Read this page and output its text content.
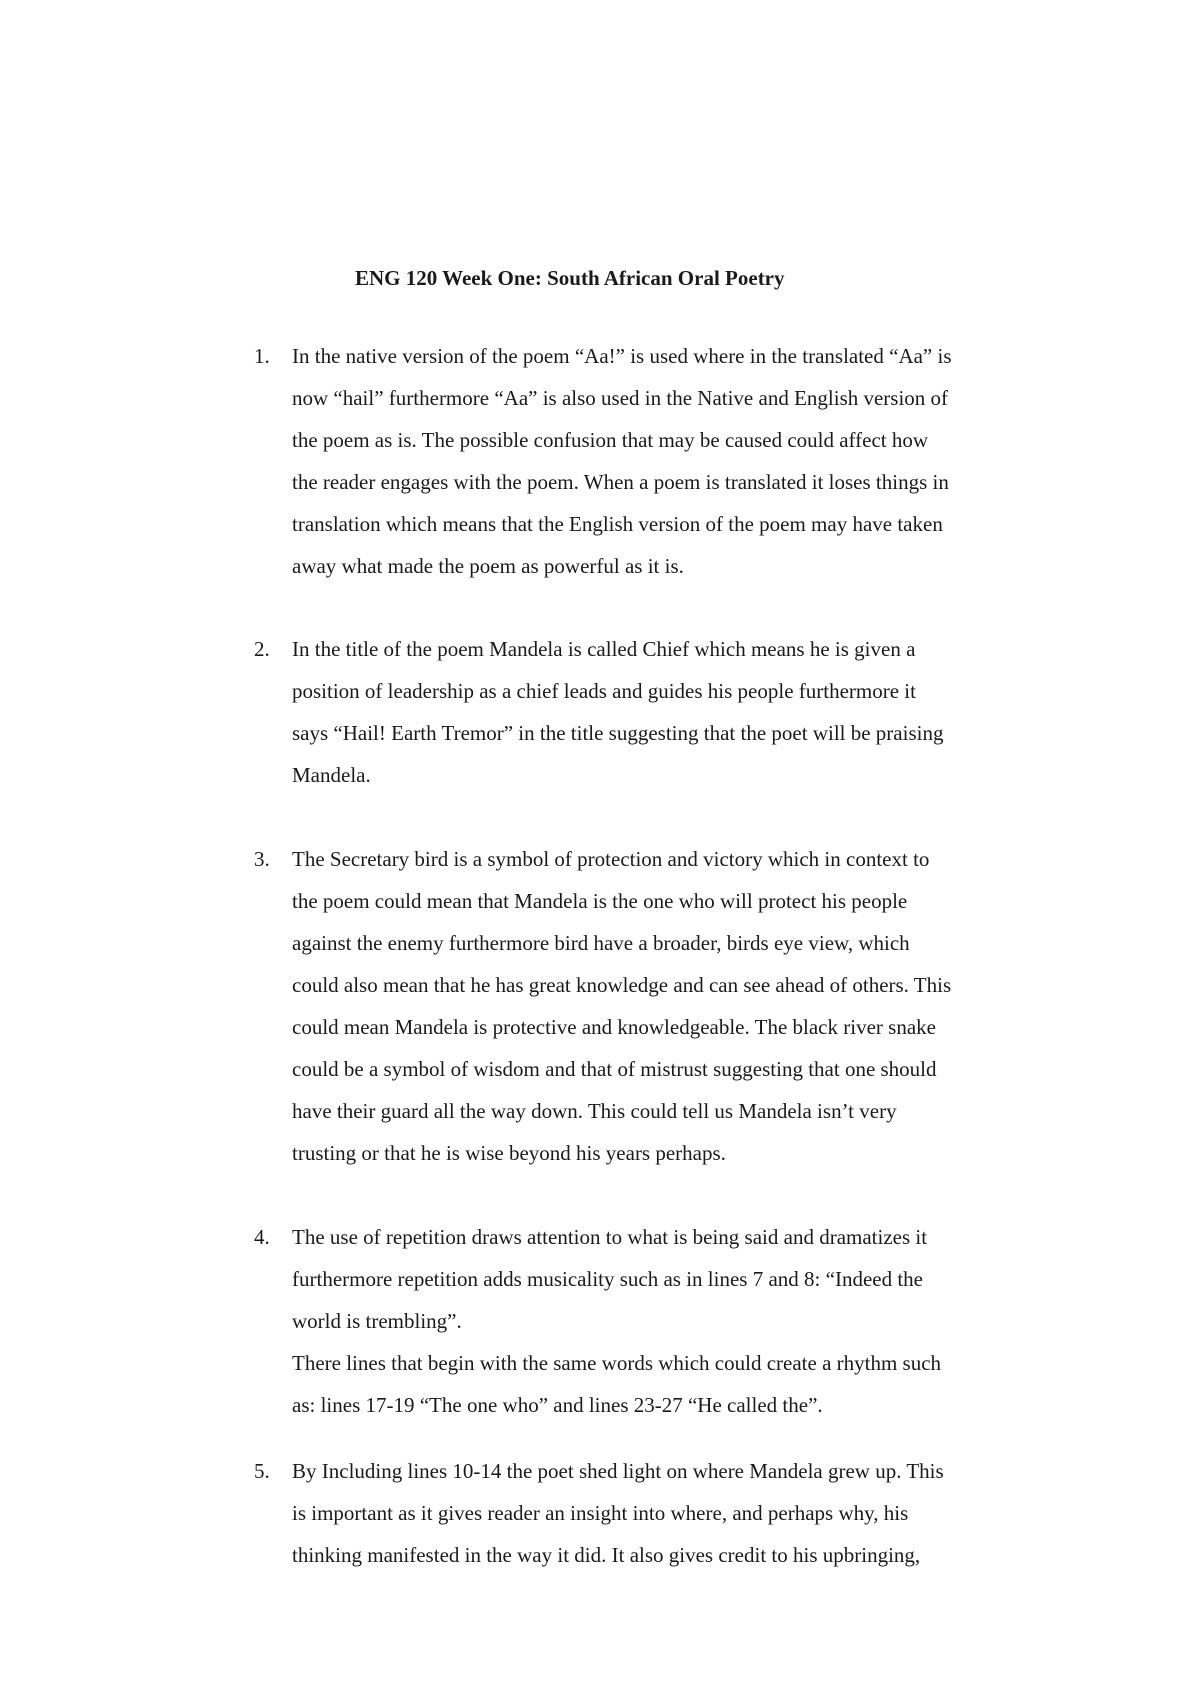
ENG 120 Week One: South African Oral Poetry
1. In the native version of the poem “Aa!” is used where in the translated “Aa” is
now “hail” furthermore “Aa” is also used in the Native and English version of
the poem as is. The possible confusion that may be caused could affect how
the reader engages with the poem. When a poem is translated it loses things in
translation which means that the English version of the poem may have taken
away what made the poem as powerful as it is.
2. In the title of the poem Mandela is called Chief which means he is given a
position of leadership as a chief leads and guides his people furthermore it
says “Hail! Earth Tremor” in the title suggesting that the poet will be praising
Mandela.
3. The Secretary bird is a symbol of protection and victory which in context to
the poem could mean that Mandela is the one who will protect his people
against the enemy furthermore bird have a broader, birds eye view, which
could also mean that he has great knowledge and can see ahead of others. This
could mean Mandela is protective and knowledgeable. The black river snake
could be a symbol of wisdom and that of mistrust suggesting that one should
have their guard all the way down. This could tell us Mandela isn’t very
trusting or that he is wise beyond his years perhaps.
4. The use of repetition draws attention to what is being said and dramatizes it
furthermore repetition adds musicality such as in lines 7 and 8: “Indeed the
world is trembling”.
There lines that begin with the same words which could create a rhythm such
as: lines 17-19 “The one who” and lines 23-27 “He called the”.
5. By Including lines 10-14 the poet shed light on where Mandela grew up. This
is important as it gives reader an insight into where, and perhaps why, his
thinking manifested in the way it did. It also gives credit to his upbringing,
